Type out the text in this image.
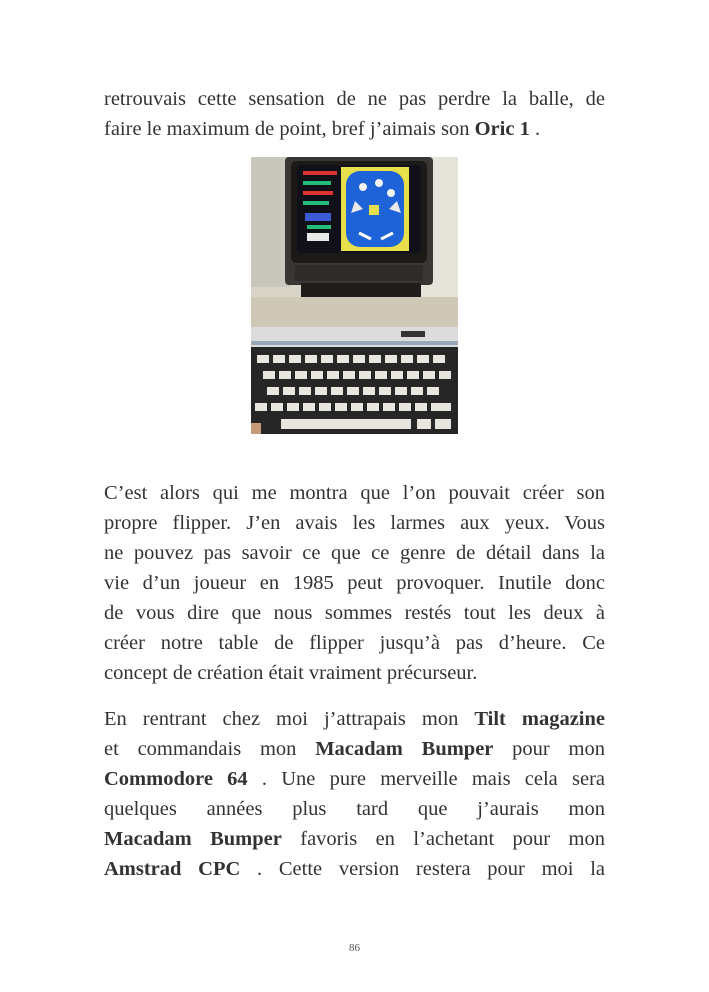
retrouvais cette sensation de ne pas perdre la balle, de
faire le maximum de point, bref j’aimais son Oric 1 .

C’est alors qui me montra que l’on pouvait créer son
propre flipper. J’en avais les larmes aux yeux. Vous
ne pouvez pas savoir ce que ce genre de détail dans la
vie d’un joueur en 1985 peut provoquer. Inutile donc
de vous dire que nous sommes restés tout les deux à
créer notre table de flipper jusqu’à pas d’heure. Ce
concept de création était vraiment précurseur.

En rentrant chez moi j’attrapais mon Tilt magazine
et commandais mon Macadam Bumper pour mon
Commodore 64 . Une pure merveille mais cela sera
quelques années plus tard que j’aurais mon
Macadam Bumper favoris en l’achetant pour mon
Amstrad CPC . Cette version restera pour moi la

86
